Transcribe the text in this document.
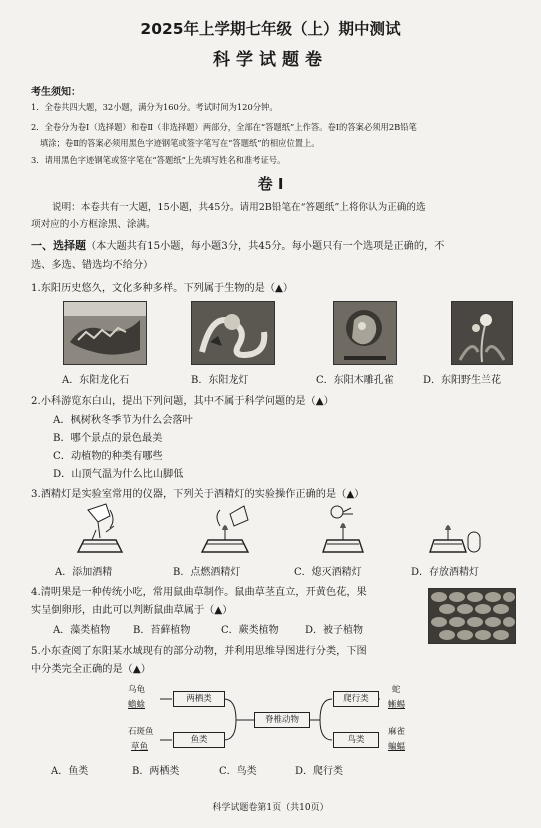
2025年上学期七年级（上）期中测试
科学试题卷
考生须知：
1．全卷共四大题，32小题，满分为160分。考试时间为120分钟。
2．全卷分为卷Ⅰ（选择题）和卷Ⅱ（非选择题）两部分，全部在“答题纸”上作答。卷Ⅰ的答案必须用2B铅笔
填涂；卷Ⅱ的答案必须用黑色字迹钢笔或签字笔写在“答题纸”的相应位置上。
3．请用黑色字迹钢笔或签字笔在“答题纸”上先填写姓名和准考证号。
卷 Ⅰ
说明：本卷共有一大题，15小题，共45分。请用2B铅笔在“答题纸”上将你认为正确的选
项对应的小方框涂黑、涂满。
一、选择题（本大题共有15小题，每小题3分，共45分。每小题只有一个选项是正确的，不
选、多选、错选均不给分）
1.东阳历史悠久，文化多种多样。下列属于生物的是（▲）
A．东阳龙化石	B．东阳龙灯	C．东阳木雕孔雀	D．东阳野生兰花
2.小科游览东白山，提出下列问题，其中不属于科学问题的是（▲）
A．枫树秋冬季节为什么会落叶
B．哪个景点的景色最美
C．动植物的种类有哪些
D．山顶气温为什么比山脚低
3.酒精灯是实验室常用的仪器，下列关于酒精灯的实验操作正确的是（▲）
A．添加酒精	B．点燃酒精灯	C．熄灭酒精灯	D．存放酒精灯
4.清明果是一种传统小吃，常用鼠曲草制作。鼠曲草茎直立，开黄色花，果
实呈倒卵形，由此可以判断鼠曲草属于（▲）
A．藻类植物 B．苔藓植物	C．蕨类植物	D．被子植物
5.小东查阅了东阳某水域现有的部分动物，并利用思维导图进行分类，下图
中分类完全正确的是（▲）
乌龟
蟾蜍
两栖类
石斑鱼
草鱼
鱼类
脊椎动物
爬行类
鸟类
蛇
蜥蜴
麻雀
蝙蝠
A．鱼类	B．两栖类	C．鸟类	D．爬行类
科学试题卷第1页（共10页）
